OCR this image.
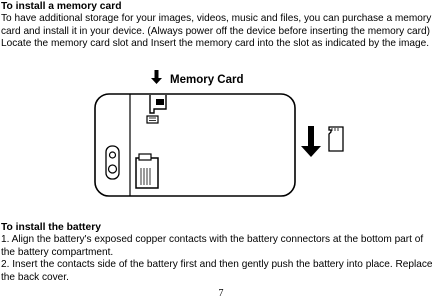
To install a memory card
To have additional storage for your images, videos, music and files, you can purchase a memory
card and install it in your device. (Always power off the device before inserting the memory card)
Locate the memory card slot and Insert the memory card into the slot as indicated by the image.
Memory Card
To install the battery
1. Align the battery's exposed copper contacts with the battery connectors at the bottom part of
the battery compartment.
2. Insert the contacts side of the battery first and then gently push the battery into place. Replace
the back cover.
7
